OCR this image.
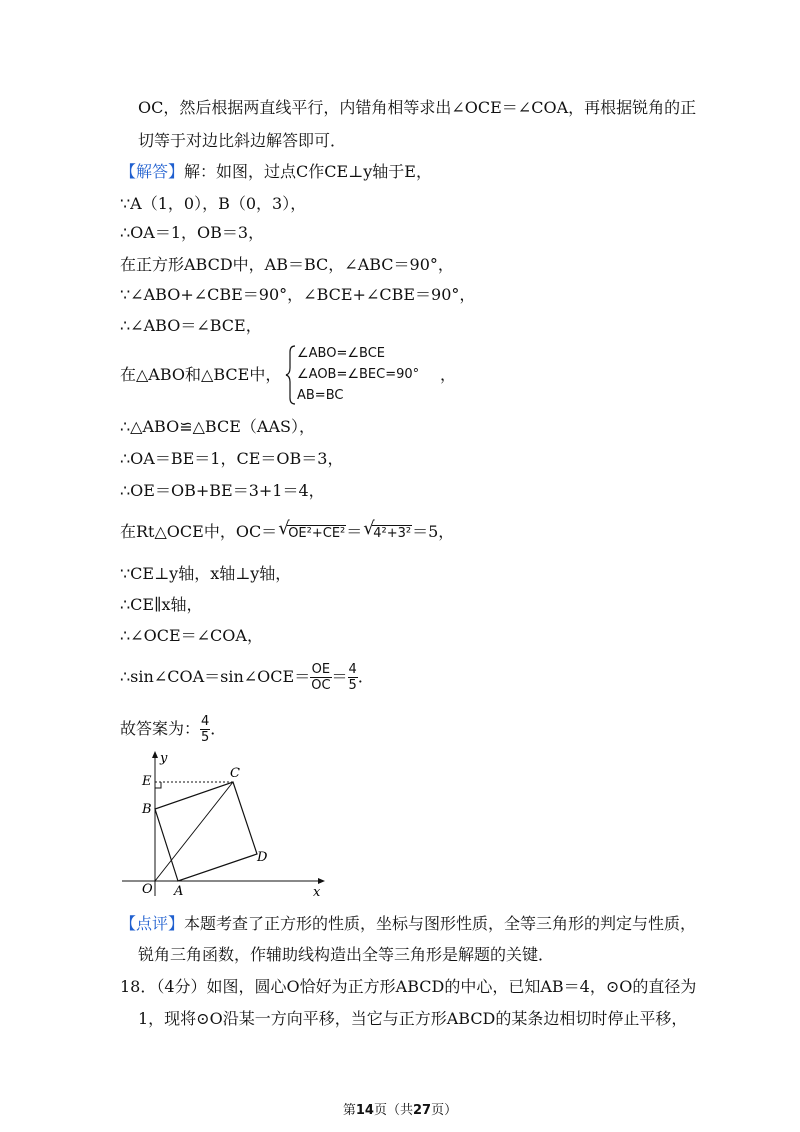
OC，然后根据两直线平行，内错角相等求出∠OCE＝∠COA，再根据锐角的正
切等于对边比斜边解答即可．
【解答】解：如图，过点C作CE⊥y轴于E，
∵A（1，0），B（0，3），
∴OA＝1，OB＝3，
在正方形ABCD中，AB＝BC，∠ABC＝90°，
∵∠ABO+∠CBE＝90°，∠BCE+∠CBE＝90°，
∴∠ABO＝∠BCE，
在△ABO和△BCE中，
∠ABO=∠BCE
∠AOB=∠BEC=90°
AB=BC
，
∴△ABO≌△BCE（AAS），
∴OA＝BE＝1，CE＝OB＝3，
∴OE＝OB+BE＝3+1＝4，
在Rt△OCE中，OC＝ √
OE²+CE²＝ √
4²+3²＝5，
∵CE⊥y轴，x轴⊥y轴，
∴CE∥x轴，
∴∠OCE＝∠COA，
∴sin∠COA＝sin∠OCE＝ $\frac{OE}{OC} = \frac{4}{5}$ ．
故答案为： $\frac{4}{5}$ ．
y
x
O A
B
E
C
D
【点评】本题考查了正方形的性质，坐标与图形性质，全等三角形的判定与性质，
锐角三角函数，作辅助线构造出全等三角形是解题的关键．
18．（4分）如图，圆心O恰好为正方形ABCD的中心，已知AB＝4，⊙O的直径为
1，现将⊙O沿某一方向平移，当它与正方形ABCD的某条边相切时停止平移，
第14页（共27页）
